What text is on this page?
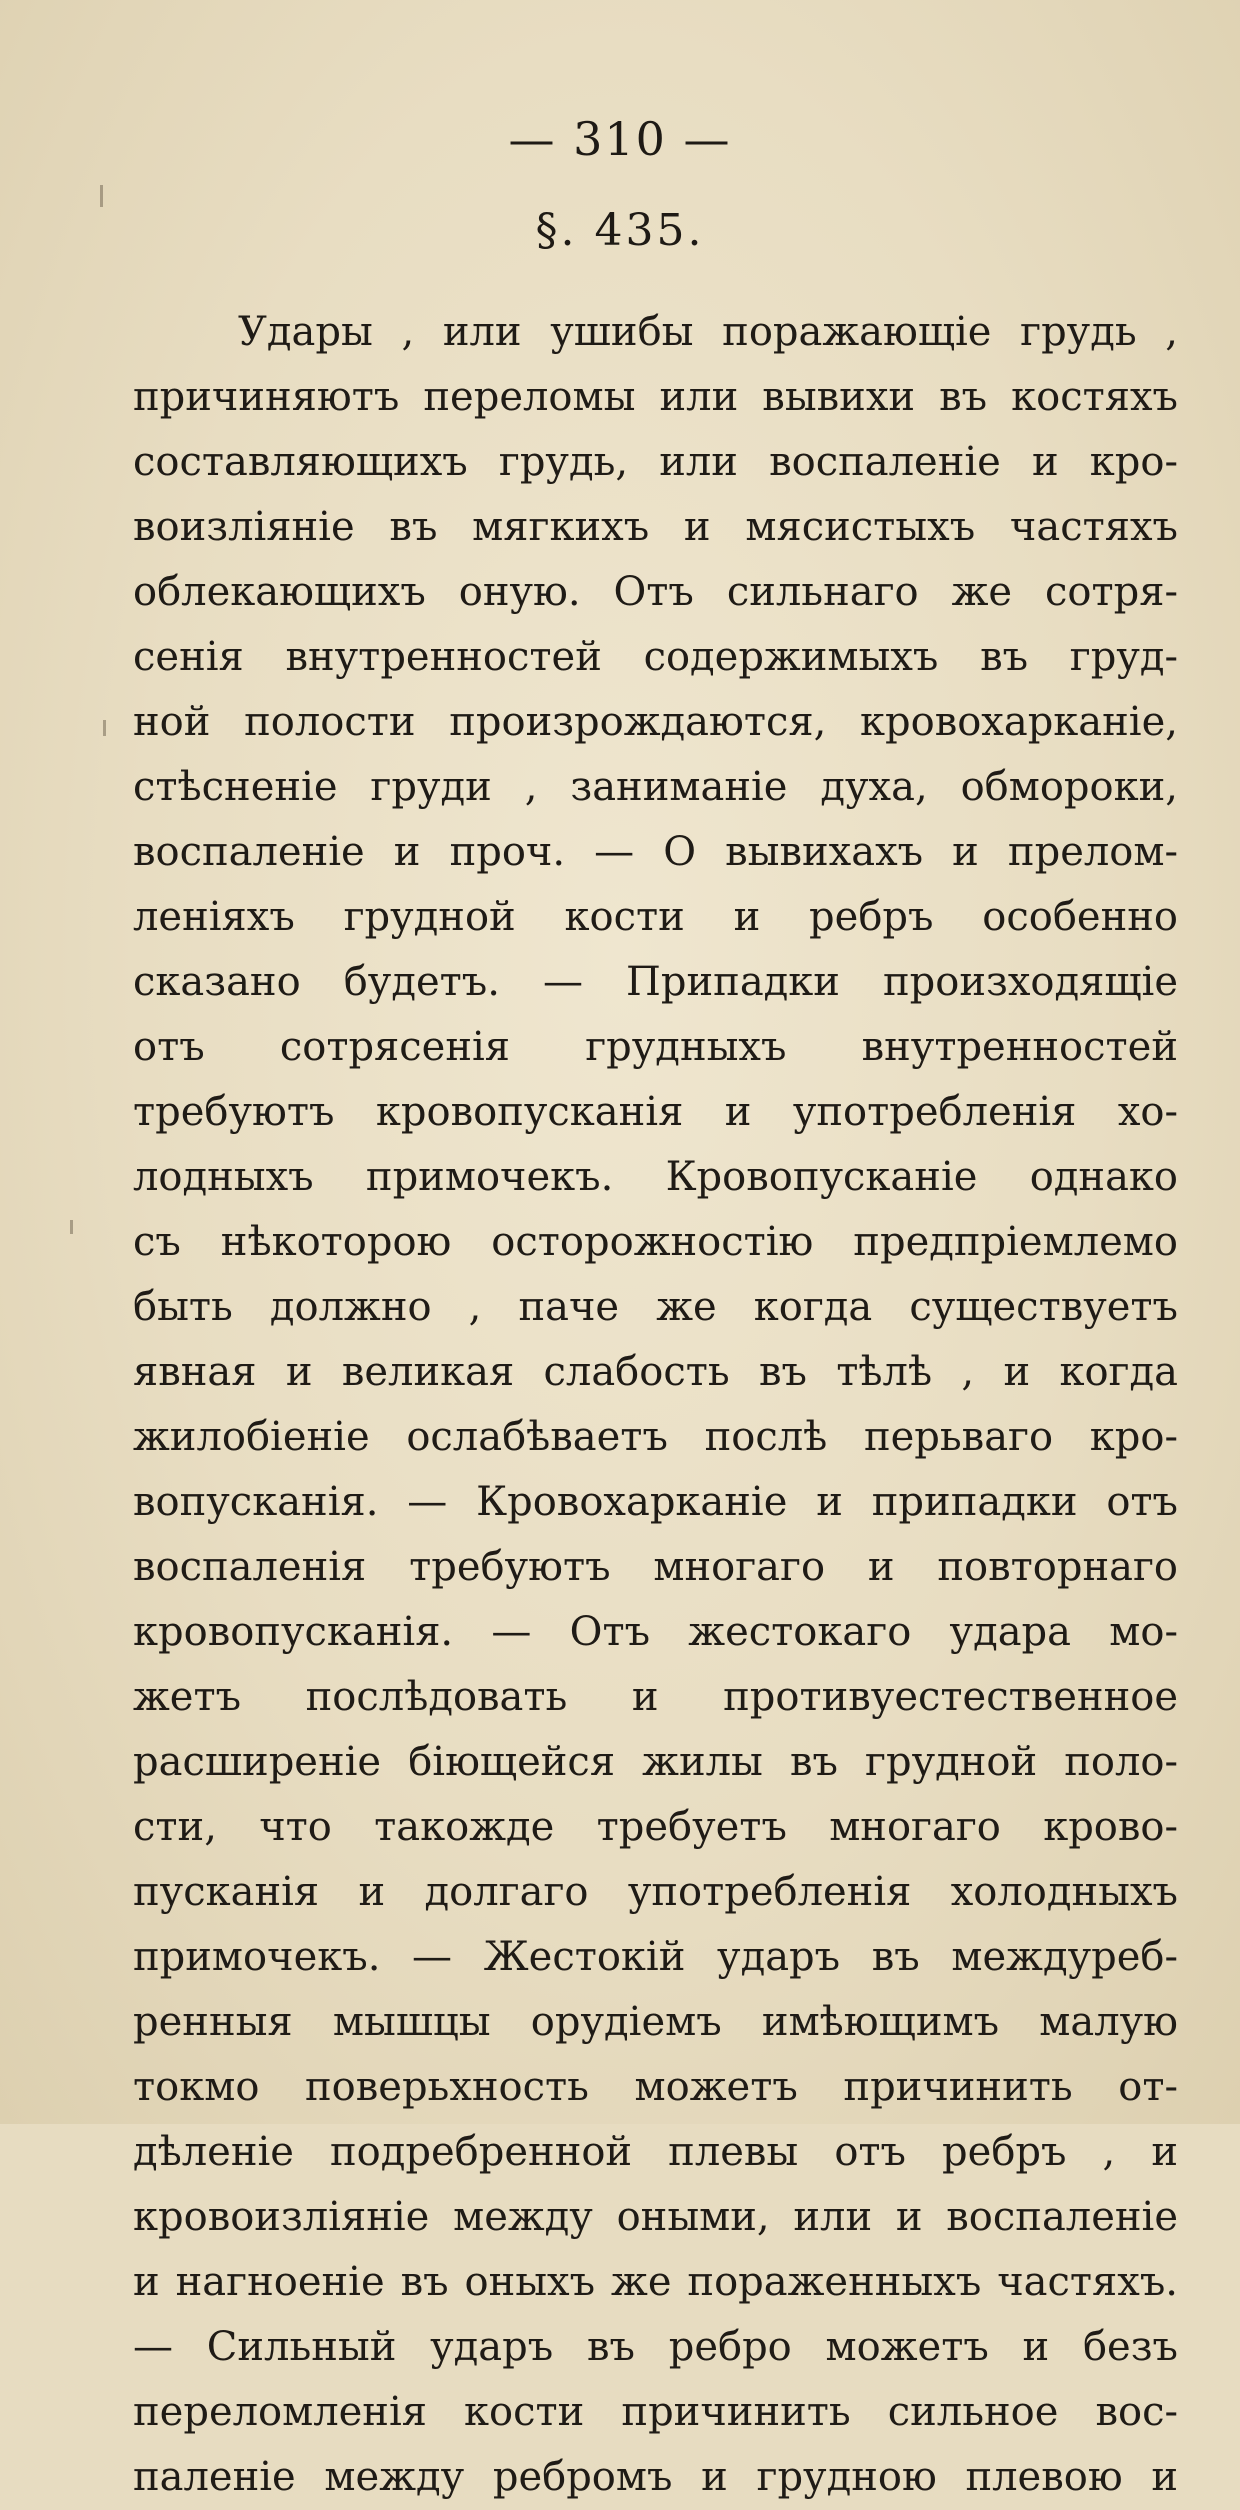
— 310 —
§. 435.
Удары , или ушибы поражающіе грудь ,
причиняютъ переломы или вывихи въ костяхъ
составляющихъ грудь, или воспаленіе и кро-
воизліяніе въ мягкихъ и мясистыхъ частяхъ
облекающихъ оную. Отъ сильнаго же сотря-
сенія внутренностей содержимыхъ въ груд-
ной полости произрождаются, кровохарканіе,
стѣсненіе груди , заниманіе духа, обмороки,
воспаленіе и проч. — О вывихахъ и прелом-
леніяхъ грудной кости и ребръ особенно
сказано будетъ. — Припадки произходящіе
отъ сотрясенія грудныхъ внутренностей
требуютъ кровопусканія и употребленія хо-
лодныхъ примочекъ. Кровопусканіе однако
съ нѣкоторою осторожностію предпріемлемо
быть должно , паче же когда существуетъ
явная и великая слабость въ тѣлѣ , и когда
жилобіеніе ослабѣваетъ послѣ перьваго кро-
вопусканія. — Кровохарканіе и припадки отъ
воспаленія требуютъ многаго и повторнаго
кровопусканія. — Отъ жестокаго удара мо-
жетъ послѣдовать и противуестественное
расширеніе біющейся жилы въ грудной поло-
сти, что такожде требуетъ многаго крово-
пусканія и долгаго употребленія холодныхъ
примочекъ. — Жестокій ударъ въ междуреб-
ренныя мышцы орудіемъ имѣющимъ малую
токмо поверьхность можетъ причинить от-
дѣленіе подребренной плевы отъ ребръ , и
кровоизліяніе между оными, или и воспаленіе
и нагноеніе въ оныхъ же пораженныхъ частяхъ.
— Сильный ударъ въ ребро можетъ и безъ
переломленія кости причинить сильное вос-
паленіе между ребромъ и грудною плевою и
